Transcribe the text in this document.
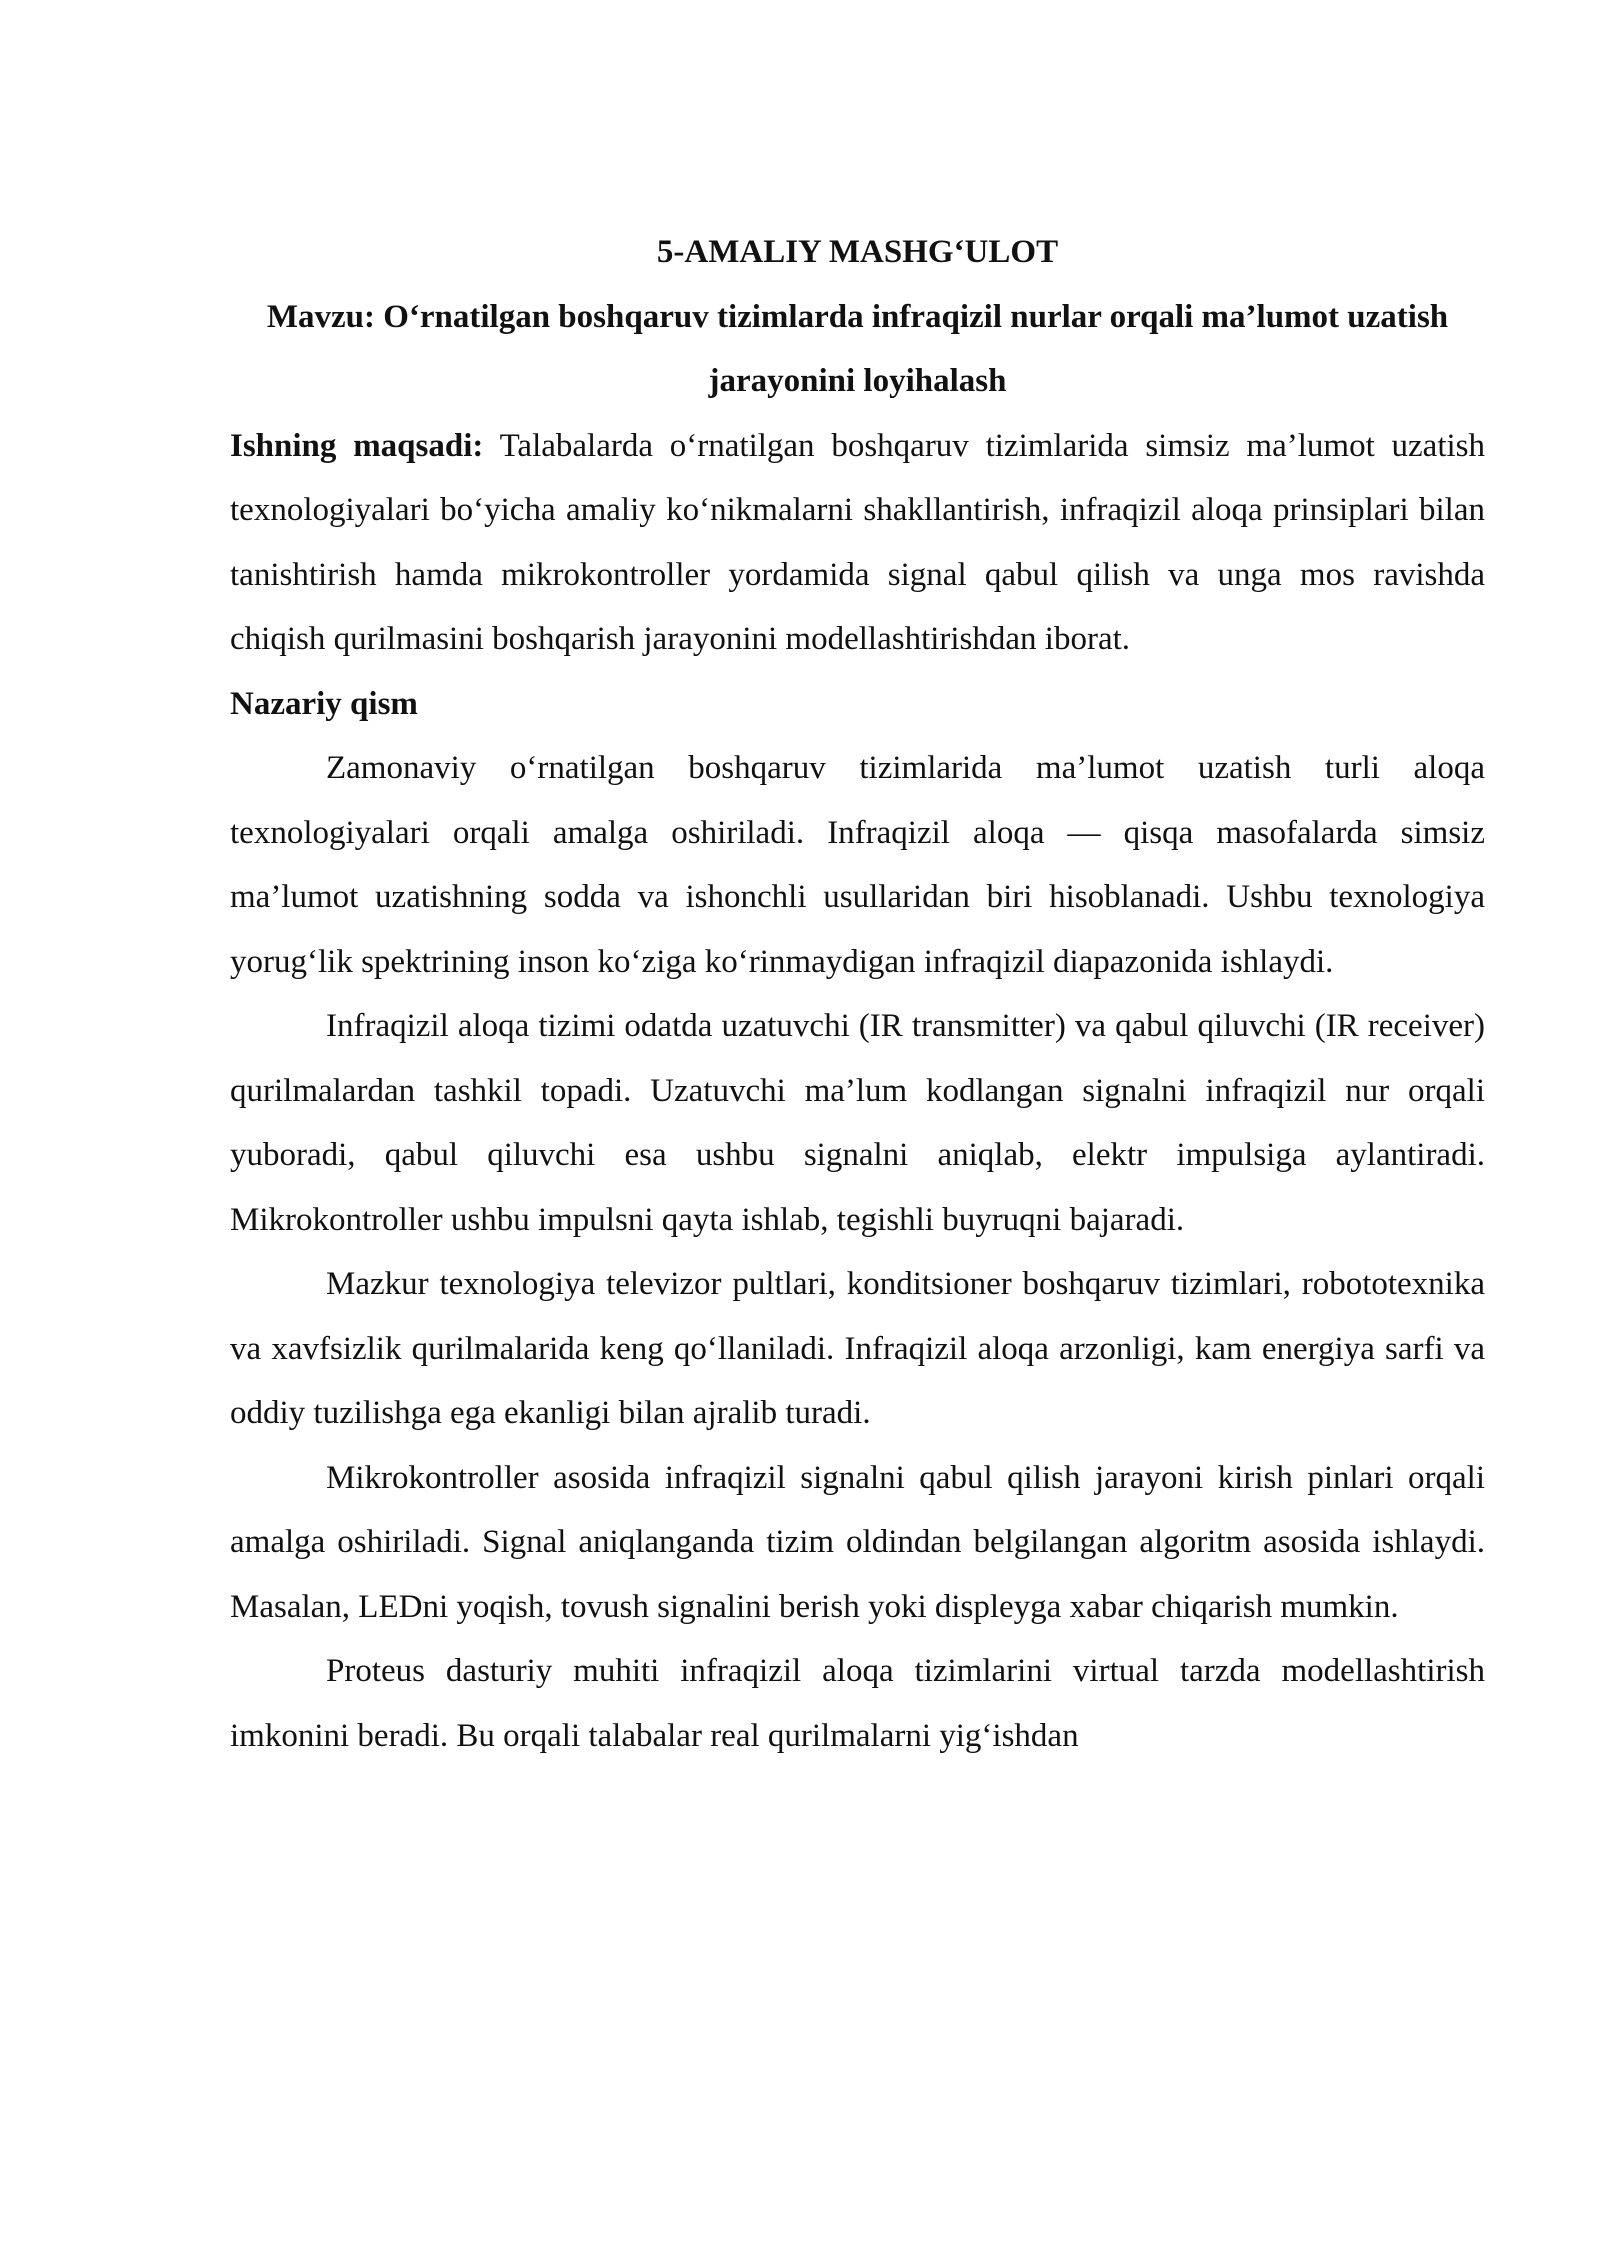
5-AMALIY MASHG‘ULOT
Mavzu: O‘rnatilgan boshqaruv tizimlarda infraqizil nurlar orqali ma’lumot uzatish jarayonini loyihalash

Ishning maqsadi: Talabalarda o‘rnatilgan boshqaruv tizimlarida simsiz ma’lumot uzatish texnologiyalari bo‘yicha amaliy ko‘nikmalarni shakllantirish, infraqizil aloqa prinsiplari bilan tanishtirish hamda mikrokontroller yordamida signal qabul qilish va unga mos ravishda chiqish qurilmasini boshqarish jarayonini modellashtirishdan iborat.

Nazariy qism

Zamonaviy o‘rnatilgan boshqaruv tizimlarida ma’lumot uzatish turli aloqa texnologiyalari orqali amalga oshiriladi. Infraqizil aloqa — qisqa masofalarda simsiz ma’lumot uzatishning sodda va ishonchli usullaridan biri hisoblanadi. Ushbu texnologiya yorug‘lik spektrining inson ko‘ziga ko‘rinmaydigan infraqizil diapazonida ishlaydi.

Infraqizil aloqa tizimi odatda uzatuvchi (IR transmitter) va qabul qiluvchi (IR receiver) qurilmalardan tashkil topadi. Uzatuvchi ma’lum kodlangan signalni infraqizil nur orqali yuboradi, qabul qiluvchi esa ushbu signalni aniqlab, elektr impulsiga aylantiradi. Mikrokontroller ushbu impulsni qayta ishlab, tegishli buyruqni bajaradi.

Mazkur texnologiya televizor pultlari, konditsioner boshqaruv tizimlari, robototexnika va xavfsizlik qurilmalarida keng qo‘llaniladi. Infraqizil aloqa arzonligi, kam energiya sarfi va oddiy tuzilishga ega ekanligi bilan ajralib turadi.

Mikrokontroller asosida infraqizil signalni qabul qilish jarayoni kirish pinlari orqali amalga oshiriladi. Signal aniqlanganda tizim oldindan belgilangan algoritm asosida ishlaydi. Masalan, LEDni yoqish, tovush signalini berish yoki displeyga xabar chiqarish mumkin.

Proteus dasturiy muhiti infraqizil aloqa tizimlarini virtual tarzda modellashtirish imkonini beradi. Bu orqali talabalar real qurilmalarni yig‘ishdan
